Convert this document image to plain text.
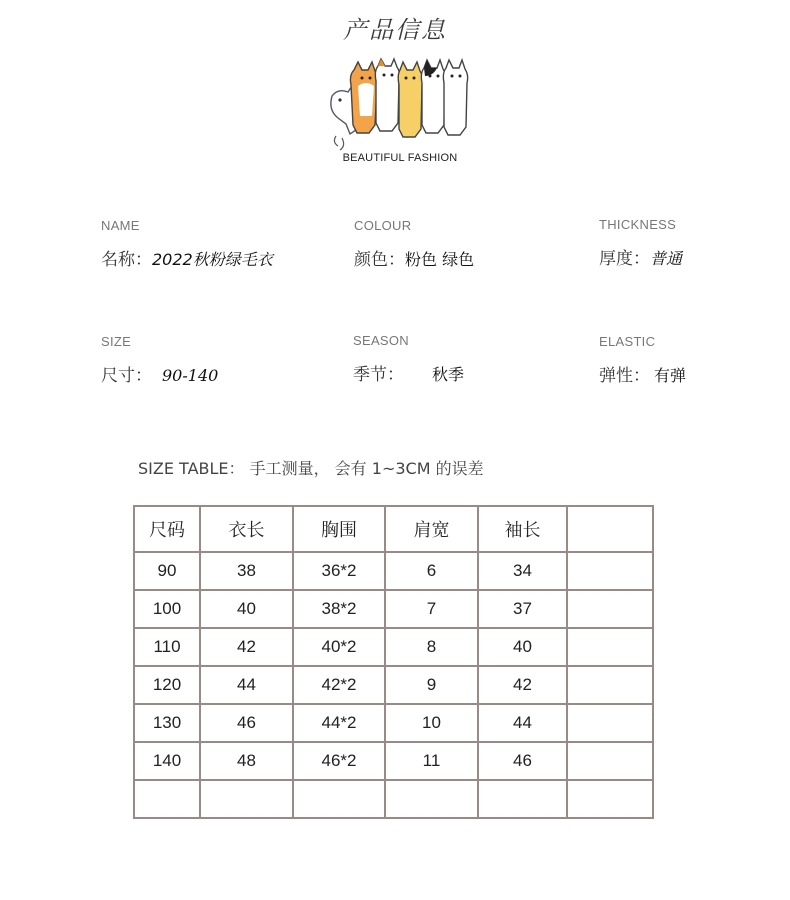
产品信息
BEAUTIFUL FASHION
NAME
名称：2022秋粉绿毛衣
COLOUR
颜色：粉色 绿色
THICKNESS
厚度：普通
SIZE
尺寸： 90-140
SEASON
季节： 秋季
ELASTIC
弹性： 有弹
SIZE TABLE： 手工测量， 会有 1~3CM 的误差
尺码	衣长	胸围	肩宽	袖长	
90	38	36*2	6	34	
100	40	38*2	7	37	
110	42	40*2	8	40	
120	44	42*2	9	42	
130	46	44*2	10	44	
140	48	46*2	11	46	
